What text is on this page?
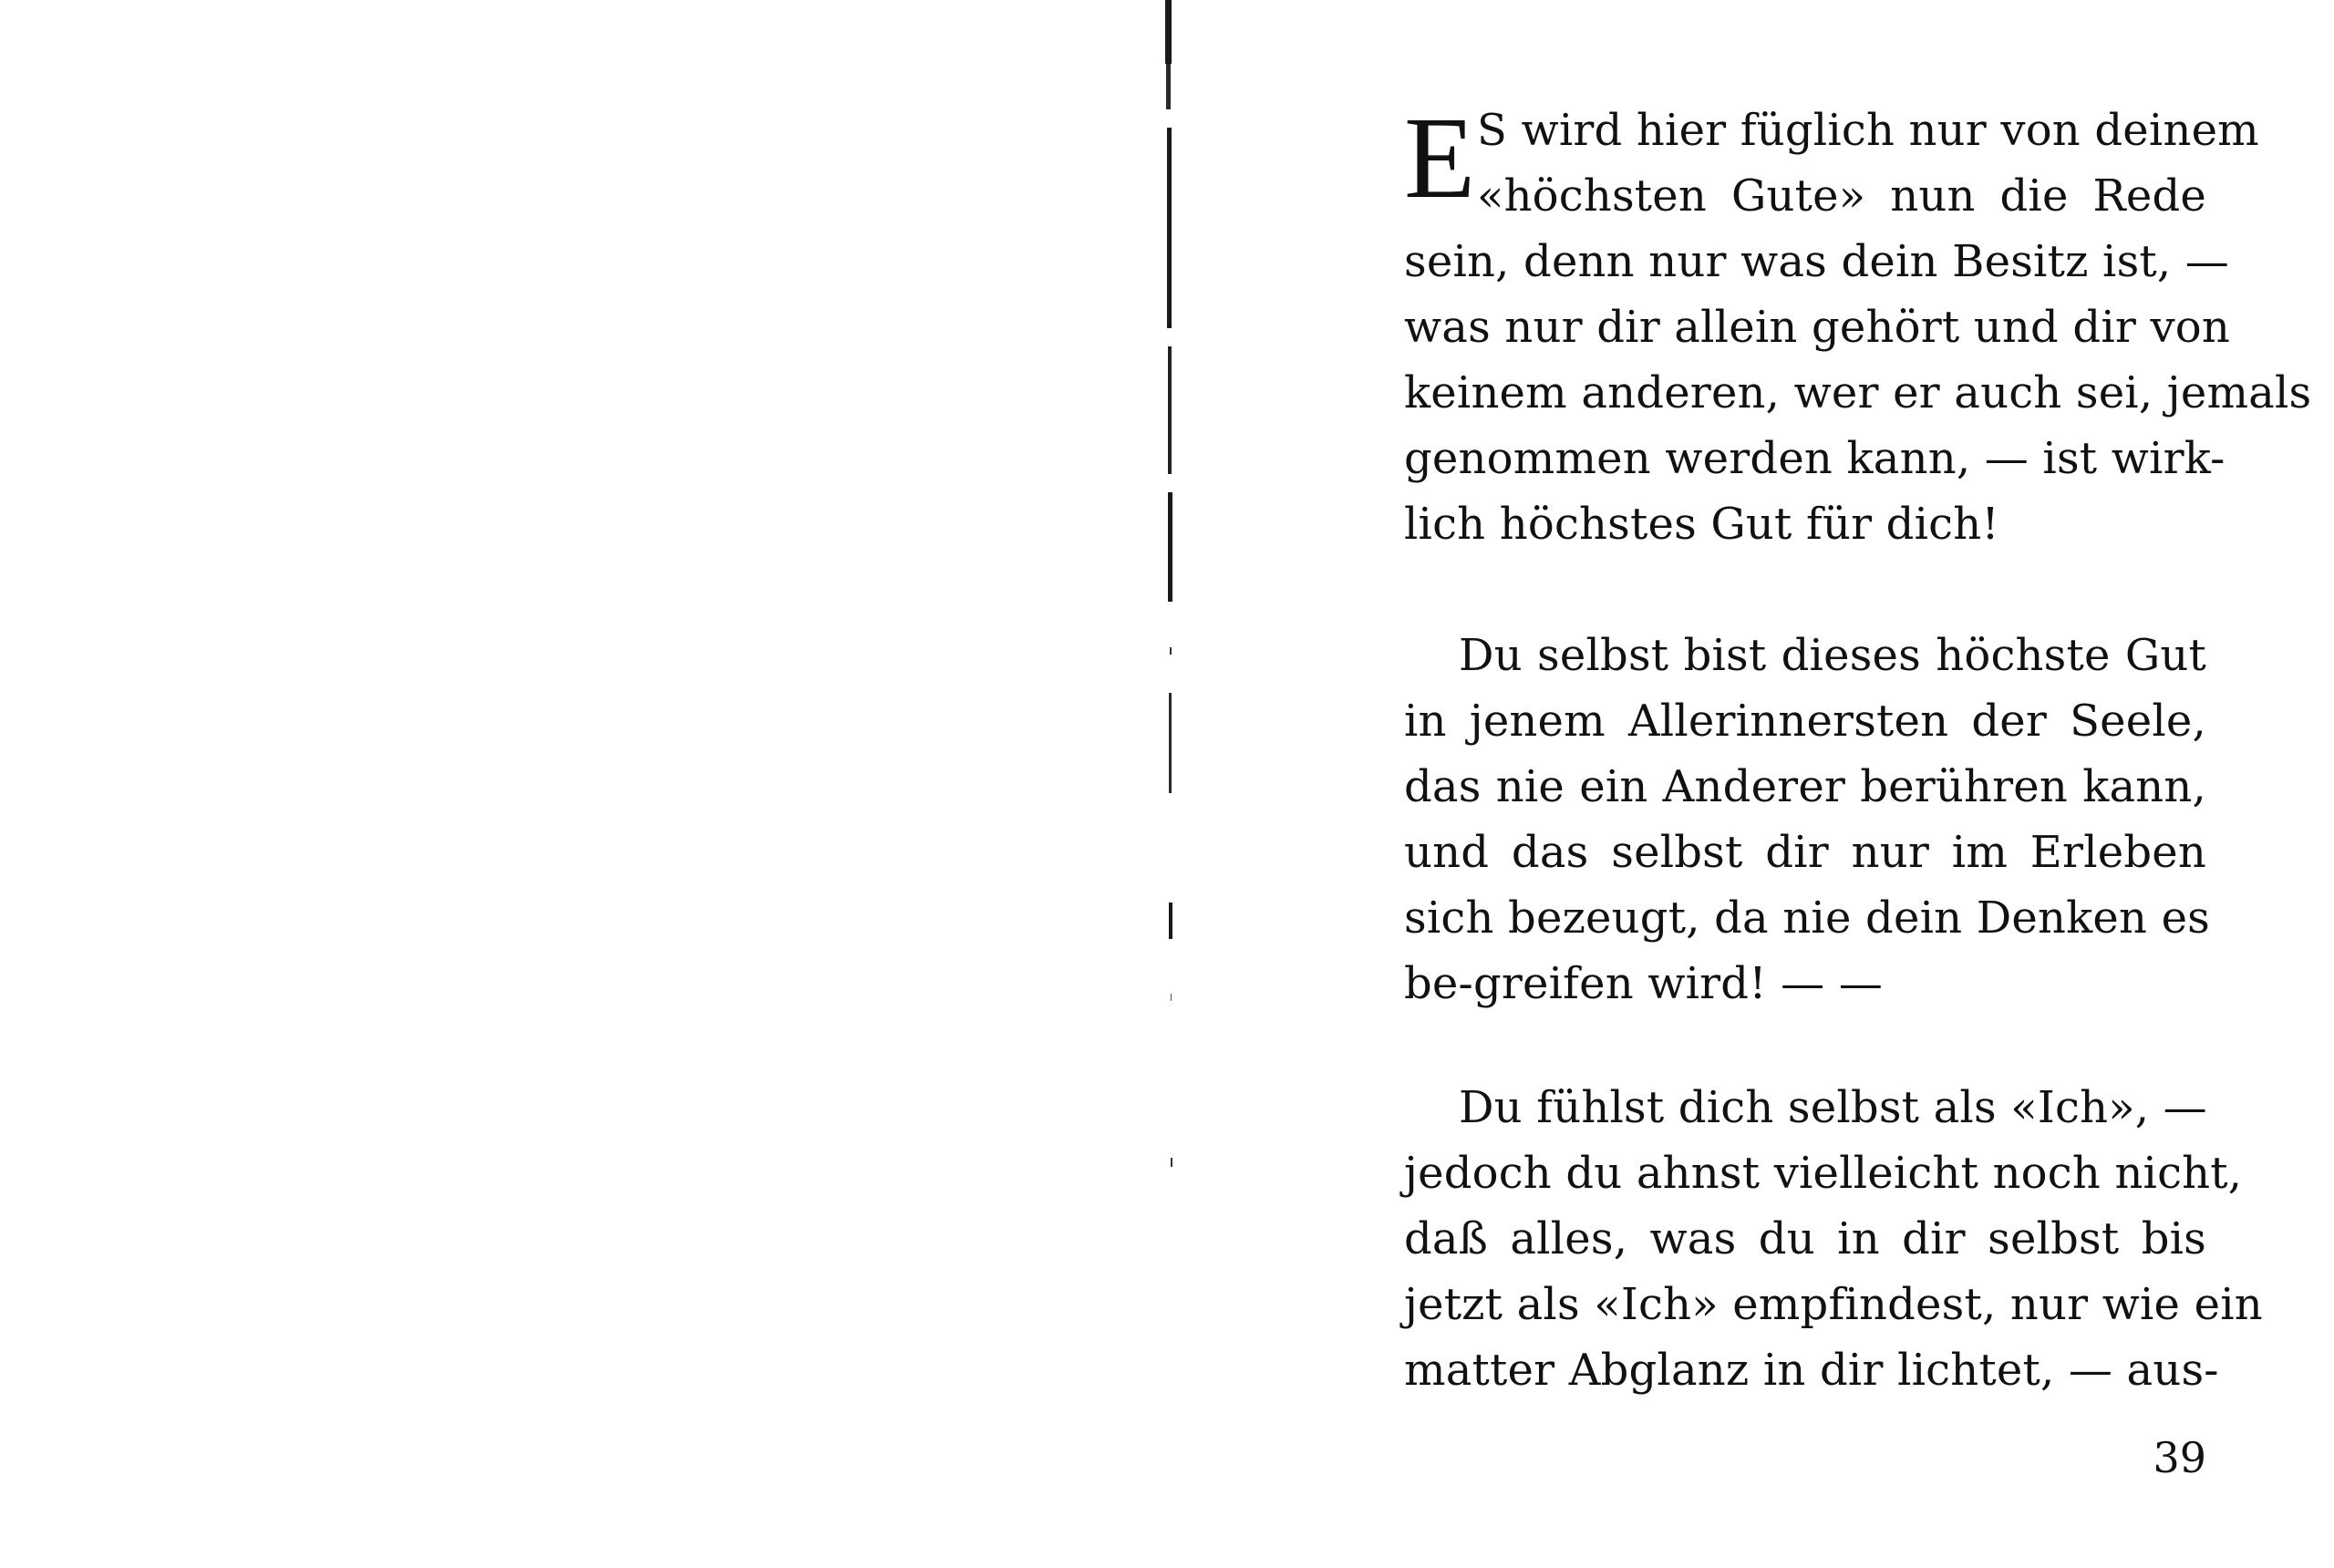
E S wird hier füglich nur von deinem
«höchsten Gute» nun die Rede
sein, denn nur was dein Besitz ist, —
was nur dir allein gehört und dir von
keinem anderen, wer er auch sei, jemals
genommen werden kann, — ist wirk-
lich höchstes Gut für dich!
Du selbst bist dieses höchste Gut
in jenem Allerinnersten der Seele,
das nie ein Anderer berühren kann,
und das selbst dir nur im Erleben
sich bezeugt, da nie dein Denken es
be-greifen wird! — —
Du fühlst dich selbst als «Ich», —
jedoch du ahnst vielleicht noch nicht,
daß alles, was du in dir selbst bis
jetzt als «Ich» empfindest, nur wie ein
matter Abglanz in dir lichtet, — aus-
39
